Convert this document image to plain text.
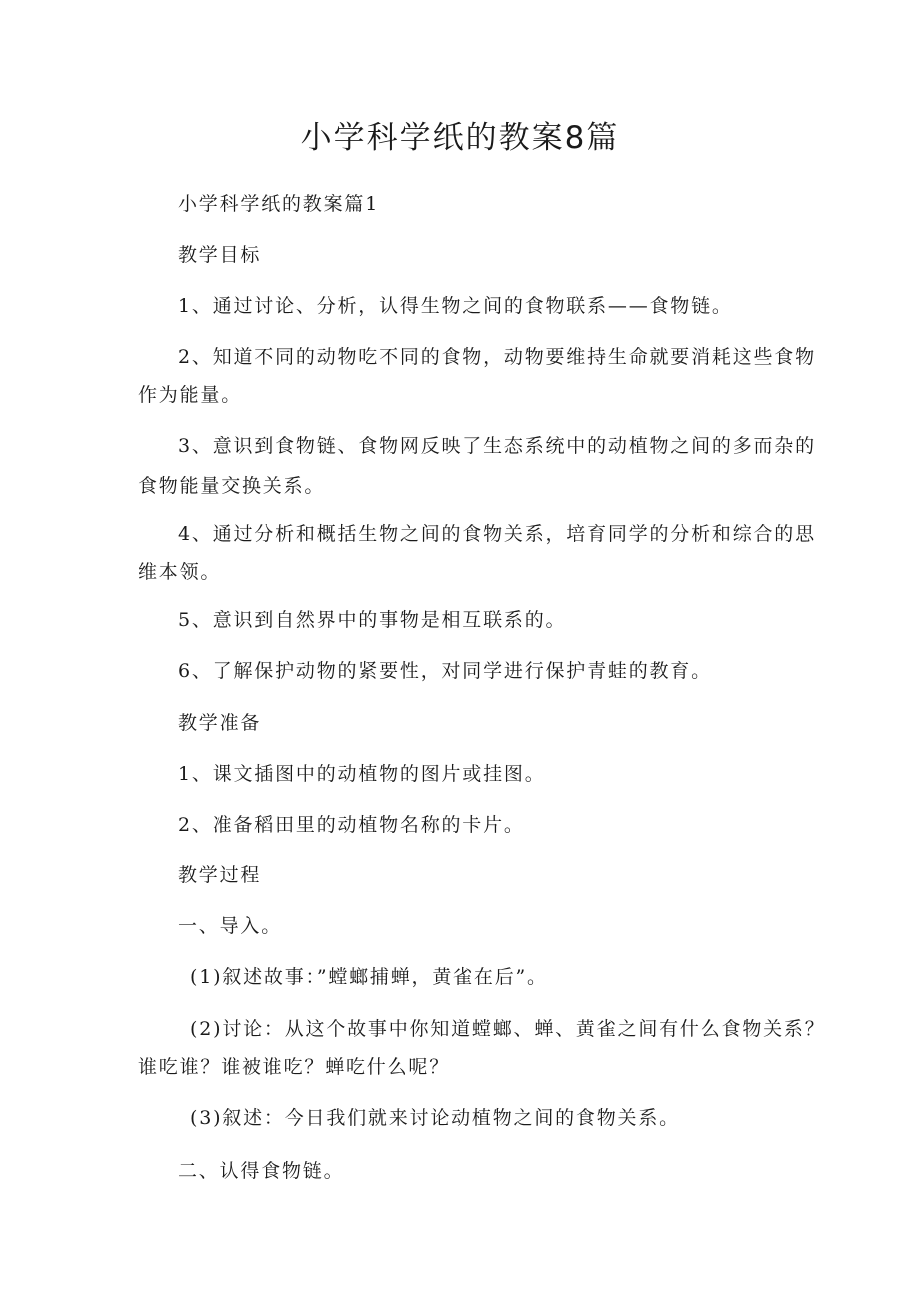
小学科学纸的教案8篇

小学科学纸的教案篇1

教学目标

1、通过讨论、分析，认得生物之间的食物联系——食物链。

2、知道不同的动物吃不同的食物，动物要维持生命就要消耗这些食物

作为能量。

3、意识到食物链、食物网反映了生态系统中的动植物之间的多而杂的

食物能量交换关系。

4、通过分析和概括生物之间的食物关系，培育同学的分析和综合的思

维本领。

5、意识到自然界中的事物是相互联系的。

6、了解保护动物的紧要性，对同学进行保护青蛙的教育。

教学准备

1、课文插图中的动植物的图片或挂图。

2、准备稻田里的动植物名称的卡片。

教学过程

一、导入。

(1)叙述故事：”螳螂捕蝉，黄雀在后”。

(2)讨论：从这个故事中你知道螳螂、蝉、黄雀之间有什么食物关系？

谁吃谁？谁被谁吃？蝉吃什么呢？

(3)叙述：今日我们就来讨论动植物之间的食物关系。

二、认得食物链。
